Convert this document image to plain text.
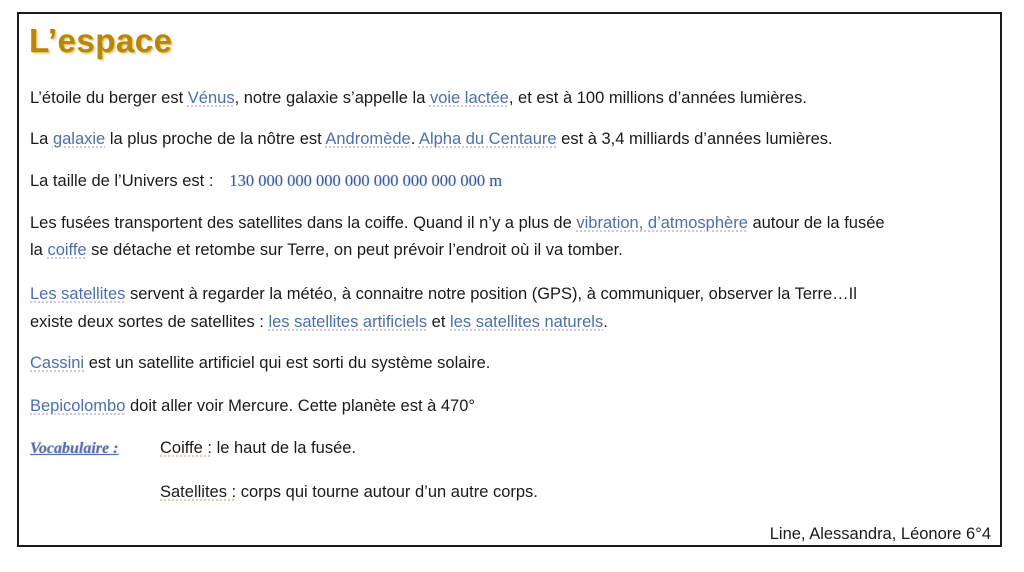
L’espace

L’étoile du berger est Vénus, notre galaxie s’appelle la voie lactée, et est à 100 millions d’années lumières.

La galaxie la plus proche de la nôtre est Andromède. Alpha du Centaure est à 3,4 milliards d’années lumières.

La taille de l’Univers est : 130 000 000 000 000 000 000 000 000 m

Les fusées transportent des satellites dans la coiffe. Quand il n’y a plus de vibration, d’atmosphère autour de la fusée

la coiffe se détache et retombe sur Terre, on peut prévoir l’endroit où il va tomber.

Les satellites servent à regarder la météo, à connaitre notre position (GPS), à communiquer, observer la Terre…Il

existe deux sortes de satellites : les satellites artificiels et les satellites naturels.

Cassini est un satellite artificiel qui est sorti du système solaire.

Bepicolombo doit aller voir Mercure. Cette planète est à 470°

Vocabulaire :	Coiffe : le haut de la fusée.

Satellites : corps qui tourne autour d’un autre corps.

Line, Alessandra, Léonore 6°4
